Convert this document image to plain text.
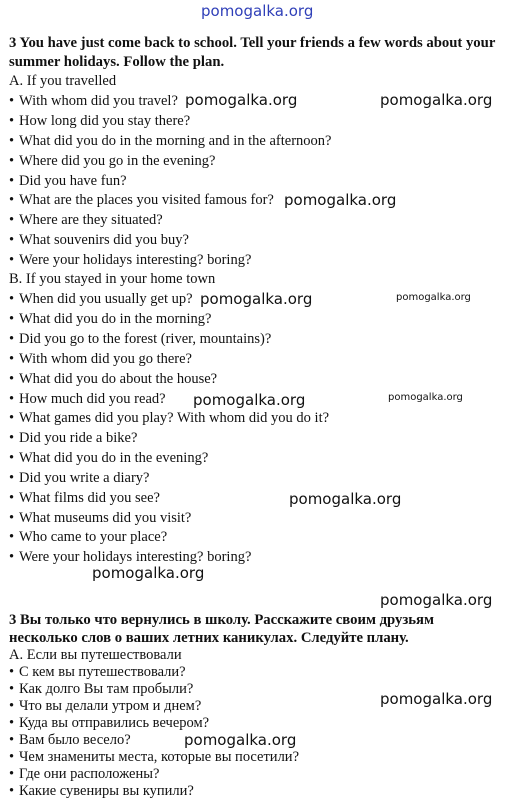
pomogalka.org
3 You have just come back to school. Tell your friends a few words about your
summer holidays. Follow the plan.
A. If you travelled
• With whom did you travel?
• How long did you stay there?
• What did you do in the morning and in the afternoon?
• Where did you go in the evening?
• Did you have fun?
• What are the places you visited famous for?
• Where are they situated?
• What souvenirs did you buy?
• Were your holidays interesting? boring?
B. If you stayed in your home town
• When did you usually get up?
• What did you do in the morning?
• Did you go to the forest (river, mountains)?
• With whom did you go there?
• What did you do about the house?
• How much did you read?
• What games did you play? With whom did you do it?
• Did you ride a bike?
• What did you do in the evening?
• Did you write a diary?
• What films did you see?
• What museums did you visit?
• Who came to your place?
• Were your holidays interesting? boring?
3 Вы только что вернулись в школу. Расскажите своим друзьям
несколько слов о ваших летних каникулах. Следуйте плану.
А. Если вы путешествовали
• С кем вы путешествовали?
• Как долго Вы там пробыли?
• Что вы делали утром и днем?
• Куда вы отправились вечером?
• Вам было весело?
• Чем знамениты места, которые вы посетили?
• Где они расположены?
• Какие сувениры вы купили?
pomogalka.org	pomogalka.org
pomogalka.org
pomogalka.org	pomogalka.org
pomogalka.org	pomogalka.org
pomogalka.org
pomogalka.org
pomogalka.org
pomogalka.org
pomogalka.org
